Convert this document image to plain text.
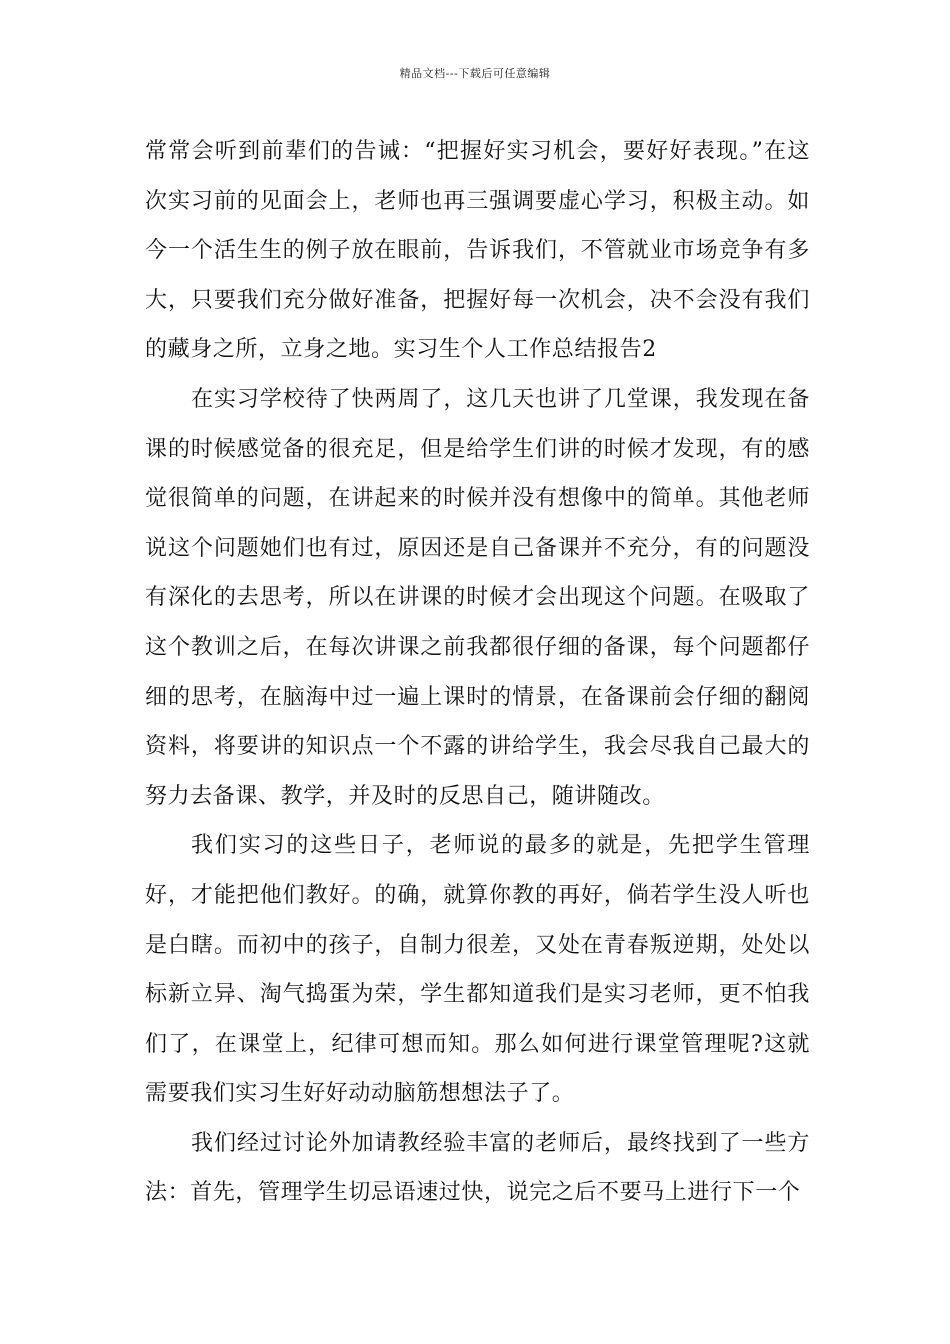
精品文档---下载后可任意编辑

常常会听到前辈们的告诫：“把握好实习机会，要好好表现。”在这次实习前的见面会上，老师也再三强调要虚心学习，积极主动。如今一个活生生的例子放在眼前，告诉我们，不管就业市场竞争有多大，只要我们充分做好准备，把握好每一次机会，决不会没有我们的藏身之所，立身之地。实习生个人工作总结报告2

在实习学校待了快两周了，这几天也讲了几堂课，我发现在备课的时候感觉备的很充足，但是给学生们讲的时候才发现，有的感觉很简单的问题，在讲起来的时候并没有想像中的简单。其他老师说这个问题她们也有过，原因还是自己备课并不充分，有的问题没有深化的去思考，所以在讲课的时候才会出现这个问题。在吸取了这个教训之后，在每次讲课之前我都很仔细的备课，每个问题都仔细的思考，在脑海中过一遍上课时的情景，在备课前会仔细的翻阅资料，将要讲的知识点一个不露的讲给学生，我会尽我自己最大的努力去备课、教学，并及时的反思自己，随讲随改。

我们实习的这些日子，老师说的最多的就是，先把学生管理好，才能把他们教好。的确，就算你教的再好，倘若学生没人听也是白瞎。而初中的孩子，自制力很差，又处在青春叛逆期，处处以标新立异、淘气捣蛋为荣，学生都知道我们是实习老师，更不怕我们了，在课堂上，纪律可想而知。那么如何进行课堂管理呢?这就需要我们实习生好好动动脑筋想想法子了。

我们经过讨论外加请教经验丰富的老师后，最终找到了一些方法：首先，管理学生切忌语速过快，说完之后不要马上进行下一个
